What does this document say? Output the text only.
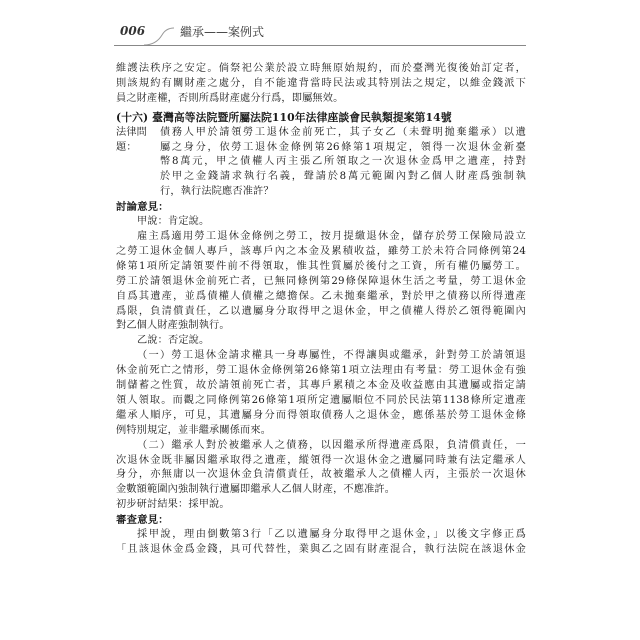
006	繼承——案例式

維護法秩序之安定。倘祭祀公業於設立時無原始規約，而於臺灣光復後始訂定者，

則該規約有關財產之處分，自不能違背當時民法或其特別法之規定，以維金錢派下

員之財產權，否則所爲財產處分行爲，即屬無效。

(十六) 臺灣高等法院暨所屬法院110年法律座談會民執類提案第14號

法律問題：

債務人甲於請領勞工退休金前死亡，其子女乙（未聲明拋棄繼承）以遺

屬之身分，依勞工退休金條例第26條第1項規定，領得一次退休金新臺

幣8萬元，甲之債權人丙主張乙所領取之一次退休金爲甲之遺產，持對

於甲之金錢請求執行名義，聲請於8萬元範圍內對乙個人財產爲強制執

行，執行法院應否准許？

討論意見：

甲說：肯定說。

雇主爲適用勞工退休金條例之勞工，按月提繳退休金，儲存於勞工保險局設立

之勞工退休金個人專戶，該專戶內之本金及累積收益，雖勞工於未符合同條例第24

條第1項所定請領要件前不得領取，惟其性質屬於後付之工資，所有權仍屬勞工。

勞工於請領退休金前死亡者，已無同條例第29條保障退休生活之考量，勞工退休金

自爲其遺產，並爲債權人債權之總擔保。乙未拋棄繼承，對於甲之債務以所得遺產

爲限，負清償責任，乙以遺屬身分取得甲之退休金，甲之債權人得於乙領得範圍內

對乙個人財產強制執行。

乙說：否定說。

（一）勞工退休金請求權具一身專屬性，不得讓與或繼承，針對勞工於請領退

休金前死亡之情形，勞工退休金條例第26條第1項立法理由有考量：勞工退休金有強

制儲蓄之性質，故於請領前死亡者，其專戶累積之本金及收益應由其遺屬或指定請

領人領取。而觀之同條例第26條第1項所定遺屬順位不同於民法第1138條所定遺產

繼承人順序，可見，其遺屬身分而得領取債務人之退休金，應係基於勞工退休金條

例特別規定，並非繼承關係而來。

（二）繼承人對於被繼承人之債務，以因繼承所得遺產爲限，負清償責任，一

次退休金既非屬因繼承取得之遺產，縱領得一次退休金之遺屬同時兼有法定繼承人

身分，亦無庸以一次退休金負清償責任，故被繼承人之債權人丙，主張於一次退休

金數額範圍內強制執行遺屬即繼承人乙個人財產，不應准許。

初步研討結果：採甲說。

審查意見：

採甲說，理由倒數第3行「乙以遺屬身分取得甲之退休金，」以後文字修正爲

「且該退休金爲金錢，具可代替性，業與乙之固有財產混合，執行法院在該退休金
